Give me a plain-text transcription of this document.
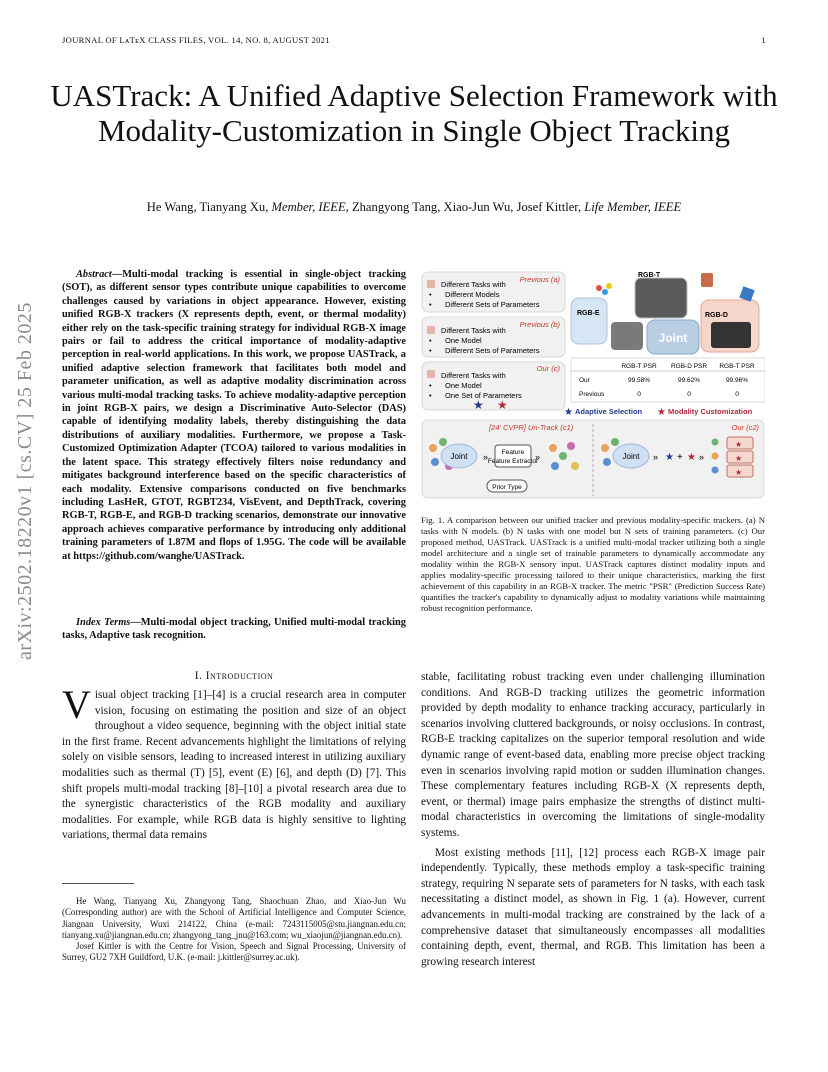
JOURNAL OF LᴀTᴇX CLASS FILES, VOL. 14, NO. 8, AUGUST 2021	1
UASTrack: A Unified Adaptive Selection Framework with Modality-Customization in Single Object Tracking
He Wang, Tianyang Xu, Member, IEEE, Zhangyong Tang, Xiao-Jun Wu, Josef Kittler, Life Member, IEEE
arXiv:2502.18220v1 [cs.CV] 25 Feb 2025
Abstract—Multi-modal tracking is essential in single-object tracking (SOT), as different sensor types contribute unique capabilities to overcome challenges caused by variations in object appearance. However, existing unified RGB-X trackers (X represents depth, event, or thermal modality) either rely on the task-specific training strategy for individual RGB-X image pairs or fail to address the critical importance of modality-adaptive perception in real-world applications. In this work, we propose UASTrack, a unified adaptive selection framework that facilitates both model and parameter unification, as well as adaptive modality discrimination across various multi-modal tracking tasks. To achieve modality-adaptive perception in joint RGB-X pairs, we design a Discriminative Auto-Selector (DAS) capable of identifying modality labels, thereby distinguishing the data distributions of auxiliary modalities. Furthermore, we propose a Task-Customized Optimization Adapter (TCOA) tailored to various modalities in the latent space. This strategy effectively filters noise redundancy and mitigates background interference based on the specific characteristics of each modality. Extensive comparisons conducted on five benchmarks including LasHeR, GTOT, RGBT234, VisEvent, and DepthTrack, covering RGB-T, RGB-E, and RGB-D tracking scenarios, demonstrate our innovative approach achieves comparative performance by introducing only additional training parameters of 1.87M and flops of 1.95G. The code will be available at https://github.com/wanghe/UASTrack.
Index Terms—Multi-modal object tracking, Unified multi-modal tracking tasks, Adaptive task recognition.
I. Introduction
Visual object tracking [1]–[4] is a crucial research area in computer vision, focusing on estimating the position and size of an object throughout a video sequence, beginning with the object initial state in the first frame. Recent advancements highlight the limitations of relying solely on visible sensors, leading to increased interest in utilizing auxiliary modalities such as thermal (T) [5], event (E) [6], and depth (D) [7]. This shift propels multi-modal tracking [8]–[10] a pivotal research area due to the synergistic characteristics of the RGB modality and auxiliary modalities. For example, while RGB data is highly sensitive to lighting variations, thermal data remains

He Wang, Tianyang Xu, Zhangyong Tang, Shaochuan Zhao, and Xiao-Jun Wu (Corresponding author) are with the School of Artificial Intelligence and Computer Science, Jiangnan University, Wuxi 214122, China (e-mail: 7243115005@stu.jiangnan.edu.cn; tianyang.xu@jiangnan.edu.cn; zhangyong_tang_jnu@163.com; wu_xiaojun@jiangnan.edu.cn).

Josef Kittler is with the Centre for Vision, Speech and Signal Processing, University of Surrey, GU2 7XH Guildford, U.K. (e-mail: j.kittler@surrey.ac.uk).

Previous (a)
Different Tasks with
• Different Models
• Different Sets of Parameters
Previous (b)
Different Tasks with
• One Model
• Different Sets of Parameters
Our (c)
Different Tasks with
• One Model
• One Set of Parameters
★ ★
RGB-E
RGB-T
RGB-D
Joint
RGB-T PSR RGB-D PSR RGB-T PSR
Our	99.58%	99.62%	99.96%
Previous	0	0	0
★ Adaptive Selection ★ Modality Customization
[24' CVPR] Un-Track (c1)	Our (c2)
Joint » Feature
Feature Extractor
»
Prior Type
Joint » ★ + ★ »
★
★
★
Fig. 1. A comparison between our unified tracker and previous modality-specific trackers. (a) N tasks with N models. (b) N tasks with one model but N sets of training parameters. (c) Our proposed method, UASTrack. UASTrack is a unified multi-modal tracker utilizing both a single model architecture and a single set of trainable parameters to dynamically accommodate any modality within the RGB-X sensory input. UASTrack captures distinct modality inputs and applies modality-specific processing tailored to their unique characteristics, marking the first achievement of this capability in an RGB-X tracker. The metric "PSR" (Prediction Success Rate) quantifies the tracker's capability to dynamically adjust to modality variations while maintaining robust recognition performance.

stable, facilitating robust tracking even under challenging illumination conditions. And RGB-D tracking utilizes the geometric information provided by depth modality to enhance tracking accuracy, particularly in scenarios involving cluttered backgrounds, or noisy occlusions. In contrast, RGB-E tracking capitalizes on the superior temporal resolution and wide dynamic range of event-based data, enabling more precise object tracking even in scenarios involving rapid motion or sudden illumination changes. These complementary features including RGB-X (X represents depth, event, or thermal) image pairs emphasize the strengths of distinct multi-modal characteristics in overcoming the limitations of single-modality systems.

Most existing methods [11], [12] process each RGB-X image pair independently. Typically, these methods employ a task-specific training strategy, requiring N separate sets of parameters for N tasks, with each task necessitating a distinct model, as shown in Fig. 1 (a). However, current advancements in multi-modal tracking are constrained by the lack of a comprehensive dataset that simultaneously encompasses all modalities containing depth, event, thermal, and RGB. This limitation has been a growing research interest
